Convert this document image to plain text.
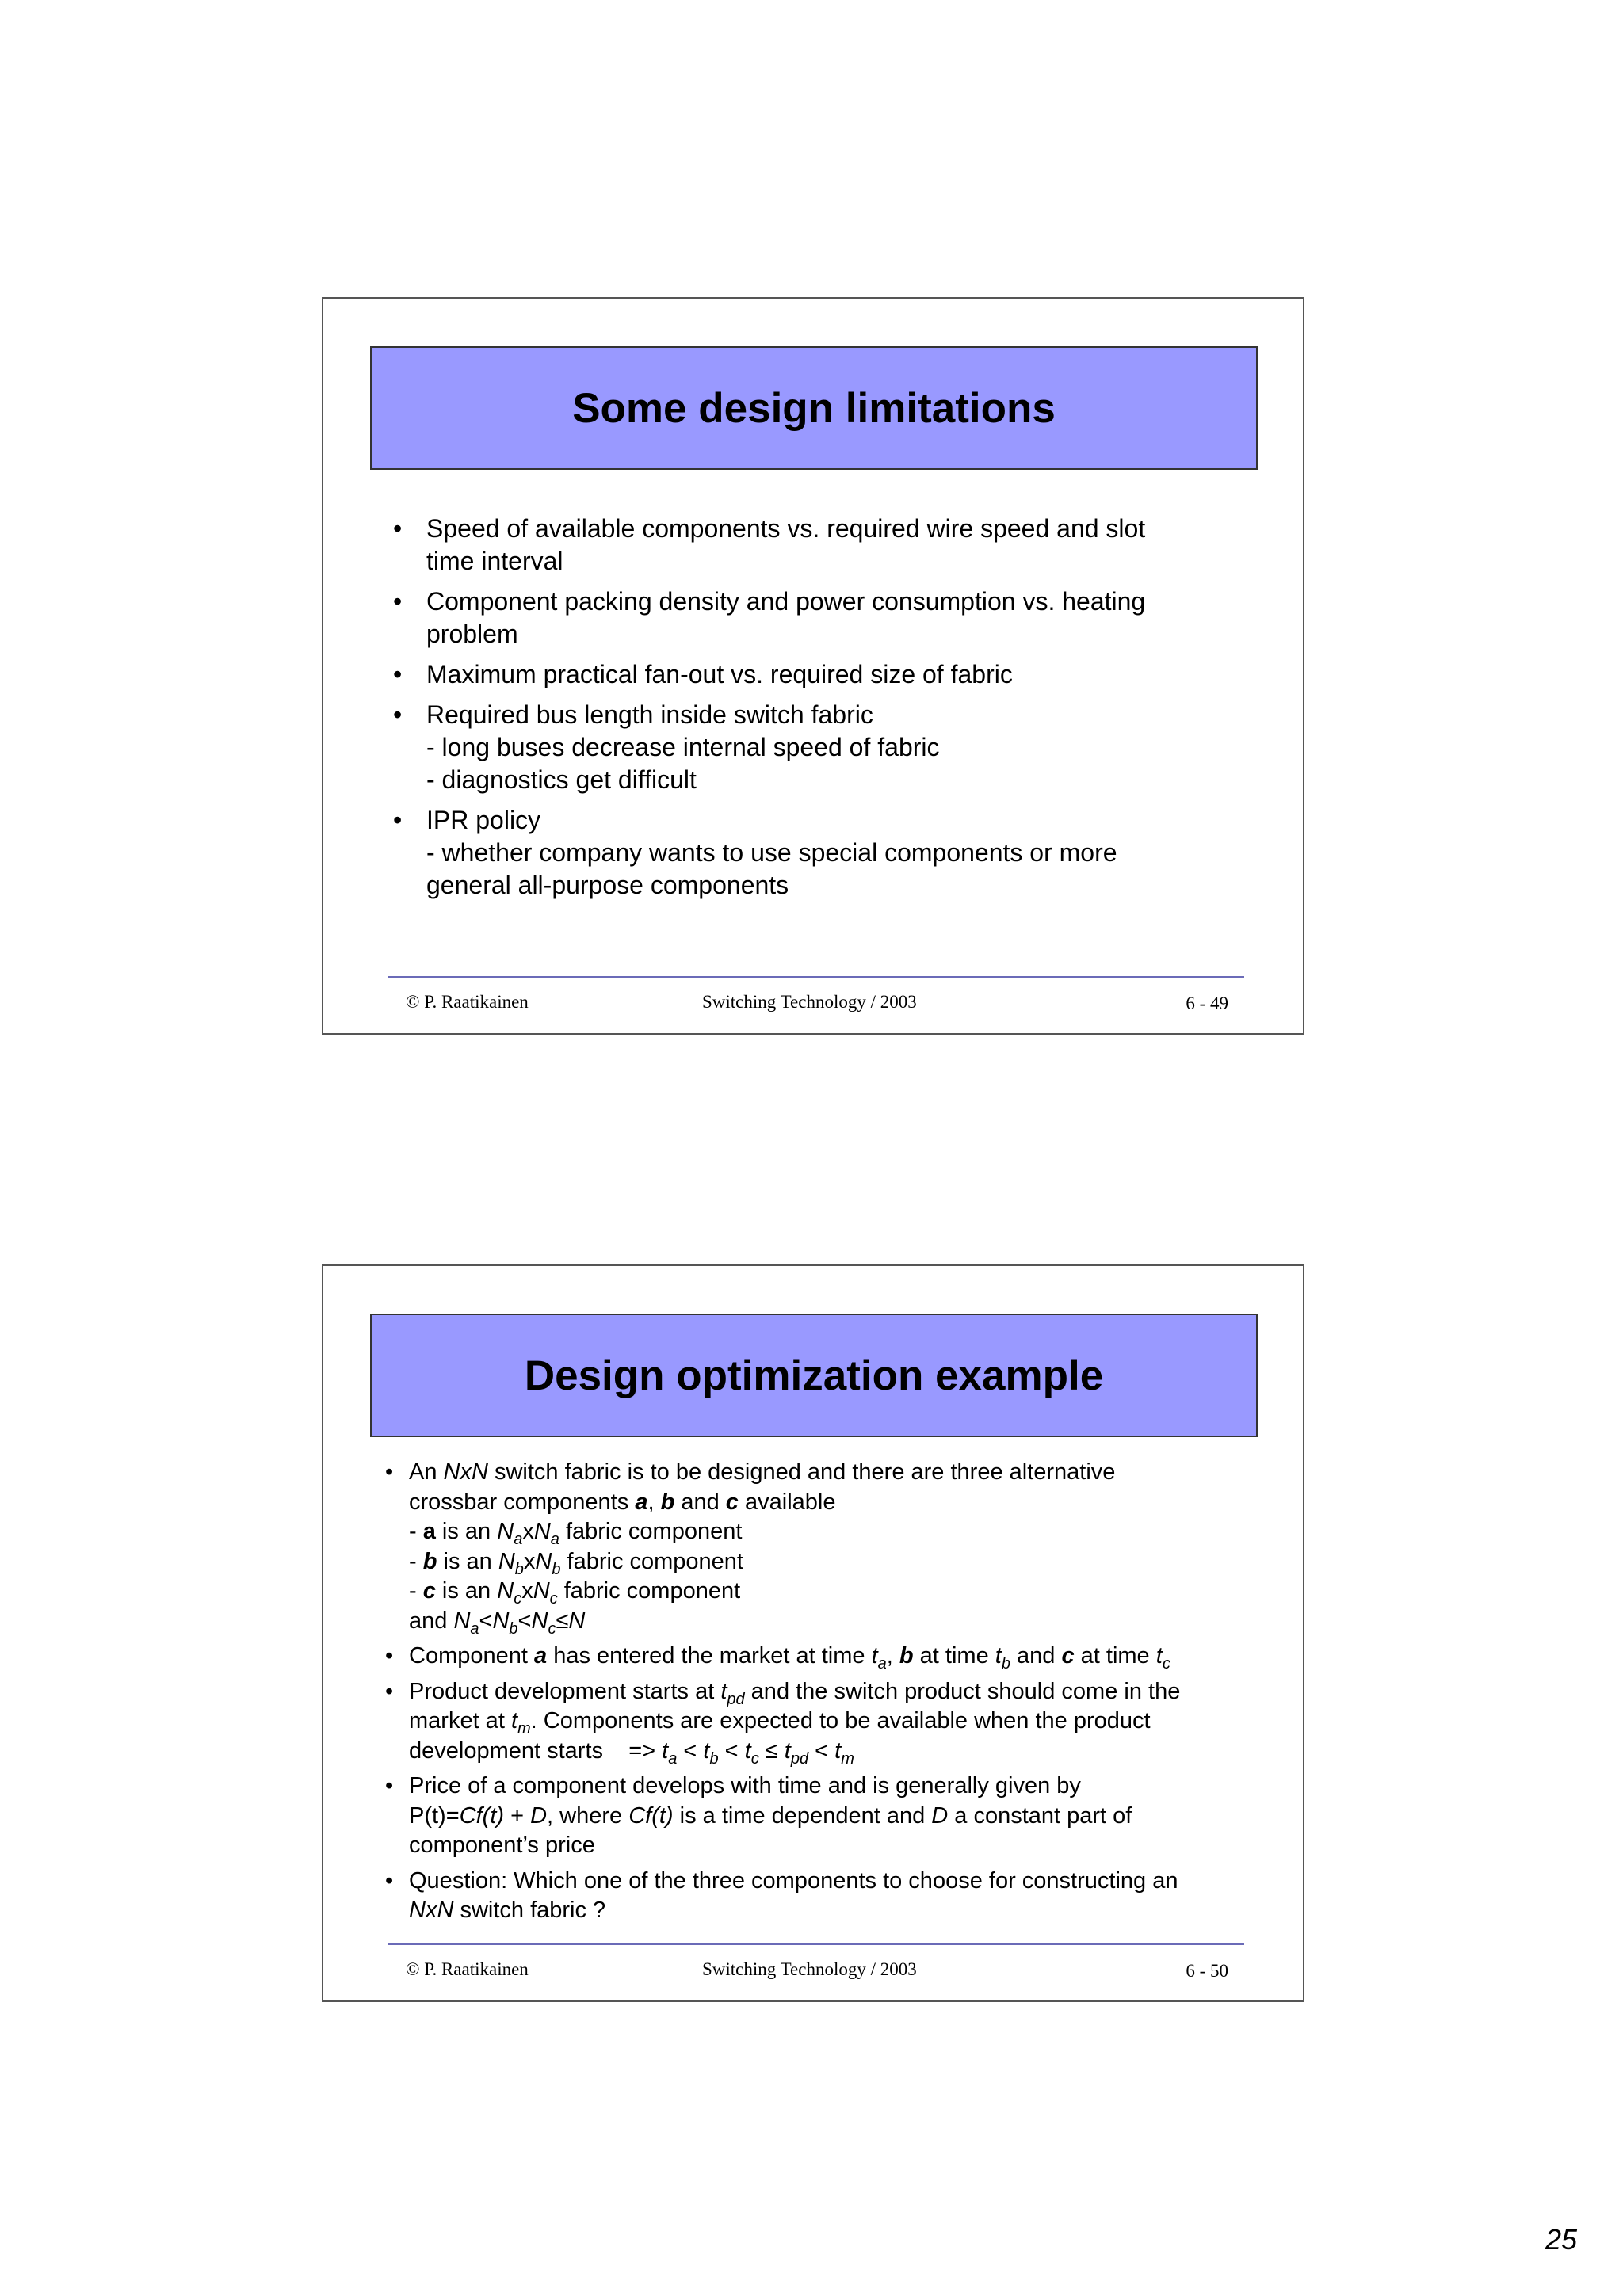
Some design limitations
• Speed of available components vs. required wire speed and slot
time interval
• Component packing density and power consumption vs. heating
problem
• Maximum practical fan-out vs. required size of fabric
• Required bus length inside switch fabric
- long buses decrease internal speed of fabric
- diagnostics get difficult
• IPR policy
- whether company wants to use special components or more
general all-purpose components
© P. Raatikainen	Switching Technology / 2003	6 - 49
Design optimization example
• An NxN switch fabric is to be designed and there are three alternative
crossbar components a, b and c available
- a is an $N_axN_a$ fabric component
- b is an $N_bxN_b$ fabric component
- c is an $N_cxN_c$ fabric component
and $N_a<N_b<N_c\le N$
• Component a has entered the market at time $t_a$, b at time $t_b$ and c at time $t_c$
• Product development starts at $t_{pd}$ and the switch product should come in the
market at $t_m$. Components are expected to be available when the product
development starts    => $t_a < t_b < t_c \le t_{pd} < t_m$
• Price of a component develops with time and is generally given by
P(t)=Cf(t) + D, where Cf(t) is a time dependent and D a constant part of
component’s price
• Question: Which one of the three components to choose for constructing an
NxN switch fabric ?
© P. Raatikainen	Switching Technology / 2003	6 - 50
25
